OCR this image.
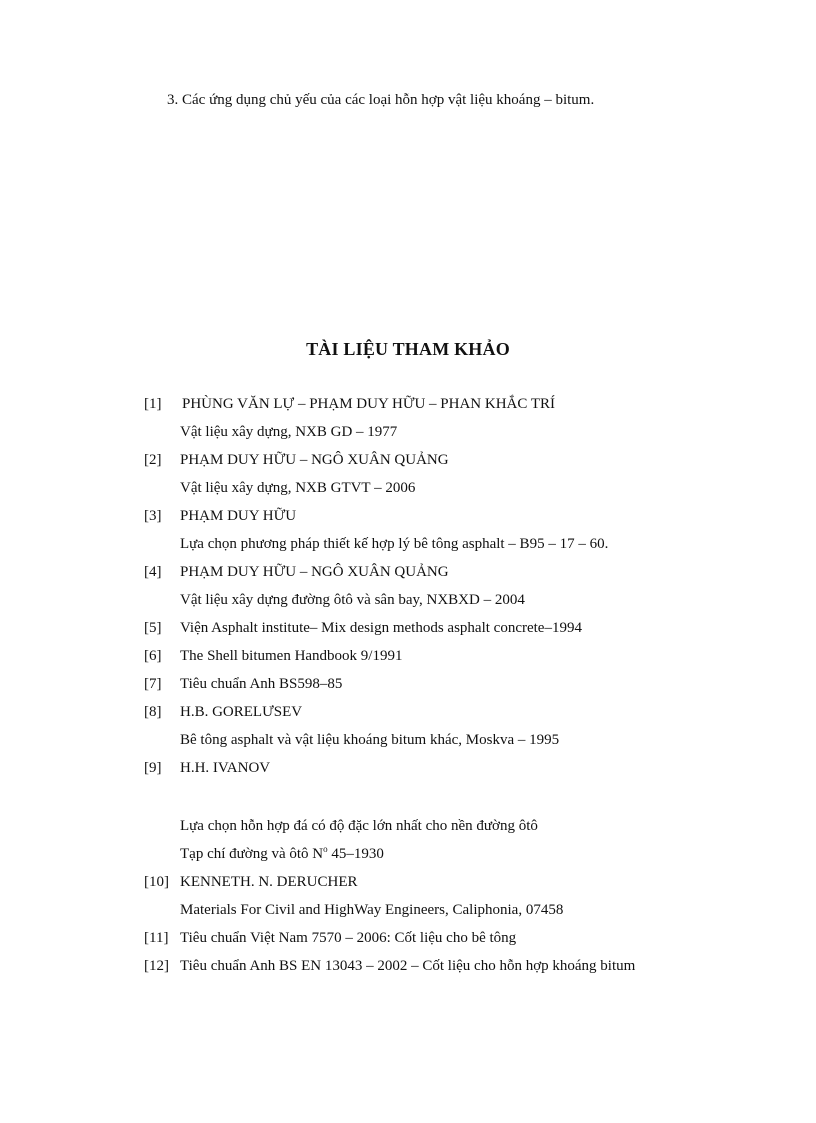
3. Các ứng dụng chủ yếu của các loại hỗn hợp vật liệu khoáng – bitum.
TÀI LIỆU THAM KHẢO
[1] PHÙNG VĂN LỰ – PHẠM DUY HỮU – PHAN KHẮC TRÍ
Vật liệu xây dựng, NXB GD – 1977
[2] PHẠM DUY HỮU – NGÔ XUÂN QUẢNG
Vật liệu xây dựng, NXB GTVT – 2006
[3] PHẠM DUY HỮU
Lựa chọn phương pháp thiết kế hợp lý bê tông asphalt – B95 – 17 – 60.
[4] PHẠM DUY HỮU – NGÔ XUÂN QUẢNG
Vật liệu xây dựng đường ôtô và sân bay, NXBXD – 2004
[5] Viện Asphalt institute– Mix design methods asphalt concrete–1994
[6] The Shell bitumen Handbook 9/1991
[7] Tiêu chuẩn Anh BS598–85
[8] H.B. GORELƯSEV
Bê tông asphalt và vật liệu khoáng bitum khác, Moskva – 1995
[9] H.H. IVANOV
Lựa chọn hỗn hợp đá có độ đặc lớn nhất cho nền đường ôtô
Tạp chí đường và ôtô $N^o$ 45–1930
[10] KENNETH. N. DERUCHER
Materials For Civil and HighWay Engineers, Caliphonia, 07458
[11] Tiêu chuẩn Việt Nam 7570 – 2006: Cốt liệu cho bê tông
[12] Tiêu chuẩn Anh BS EN 13043 – 2002 – Cốt liệu cho hỗn hợp khoáng bitum
